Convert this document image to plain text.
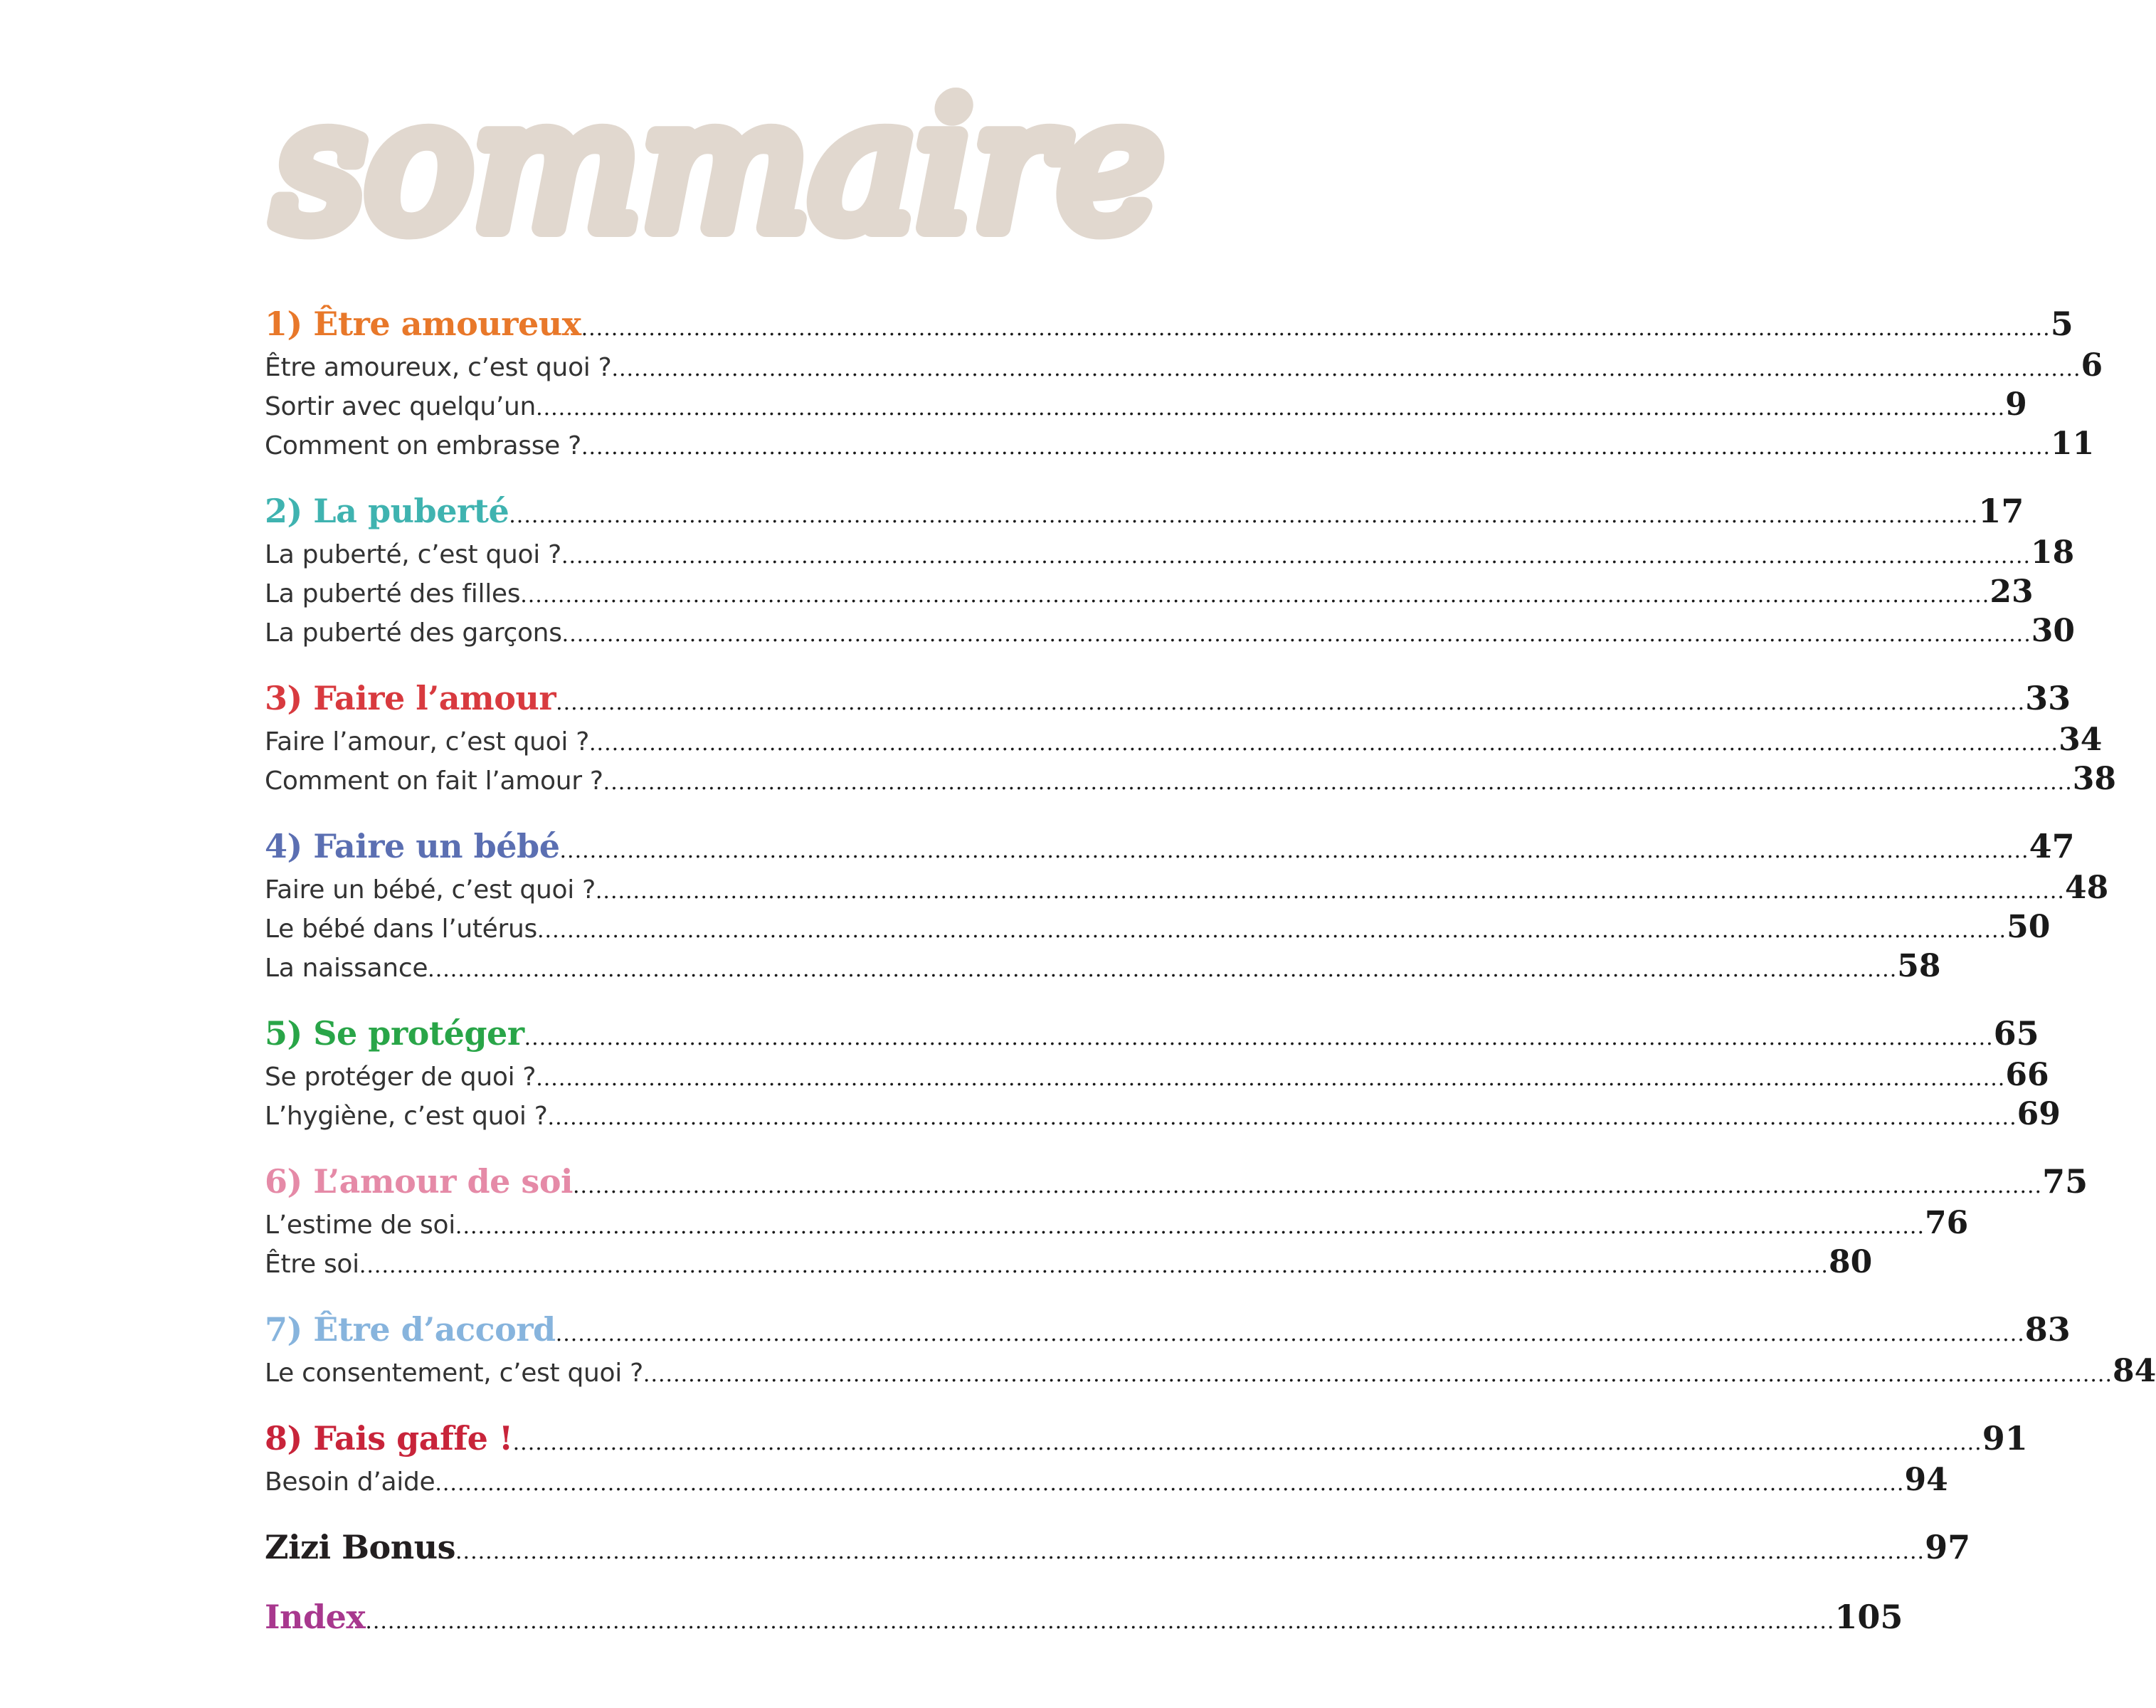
sommaire
1) Être amoureux .....	5
Être amoureux, c’est quoi ? .....	6
Sortir avec quelqu’un .....	9
Comment on embrasse ? .....	11
2) La puberté .....	17
La puberté, c’est quoi ? .....	18
La puberté des filles .....	23
La puberté des garçons .....	30
3) Faire l’amour .....	33
Faire l’amour, c’est quoi ? .....	34
Comment on fait l’amour ? .....	38
4) Faire un bébé .....	47
Faire un bébé, c’est quoi ? .....	48
Le bébé dans l’utérus .....	50
La naissance .....	58
5) Se protéger .....	65
Se protéger de quoi ? .....	66
L’hygiène, c’est quoi ? .....	69
6) L’amour de soi .....	75
L’estime de soi .....	76
Être soi .....	80
7) Être d’accord .....	83
Le consentement, c’est quoi ? .....	84
8) Fais gaffe ! .....	91
Besoin d’aide .....	94
Zizi Bonus .....	97
Index .....	105
